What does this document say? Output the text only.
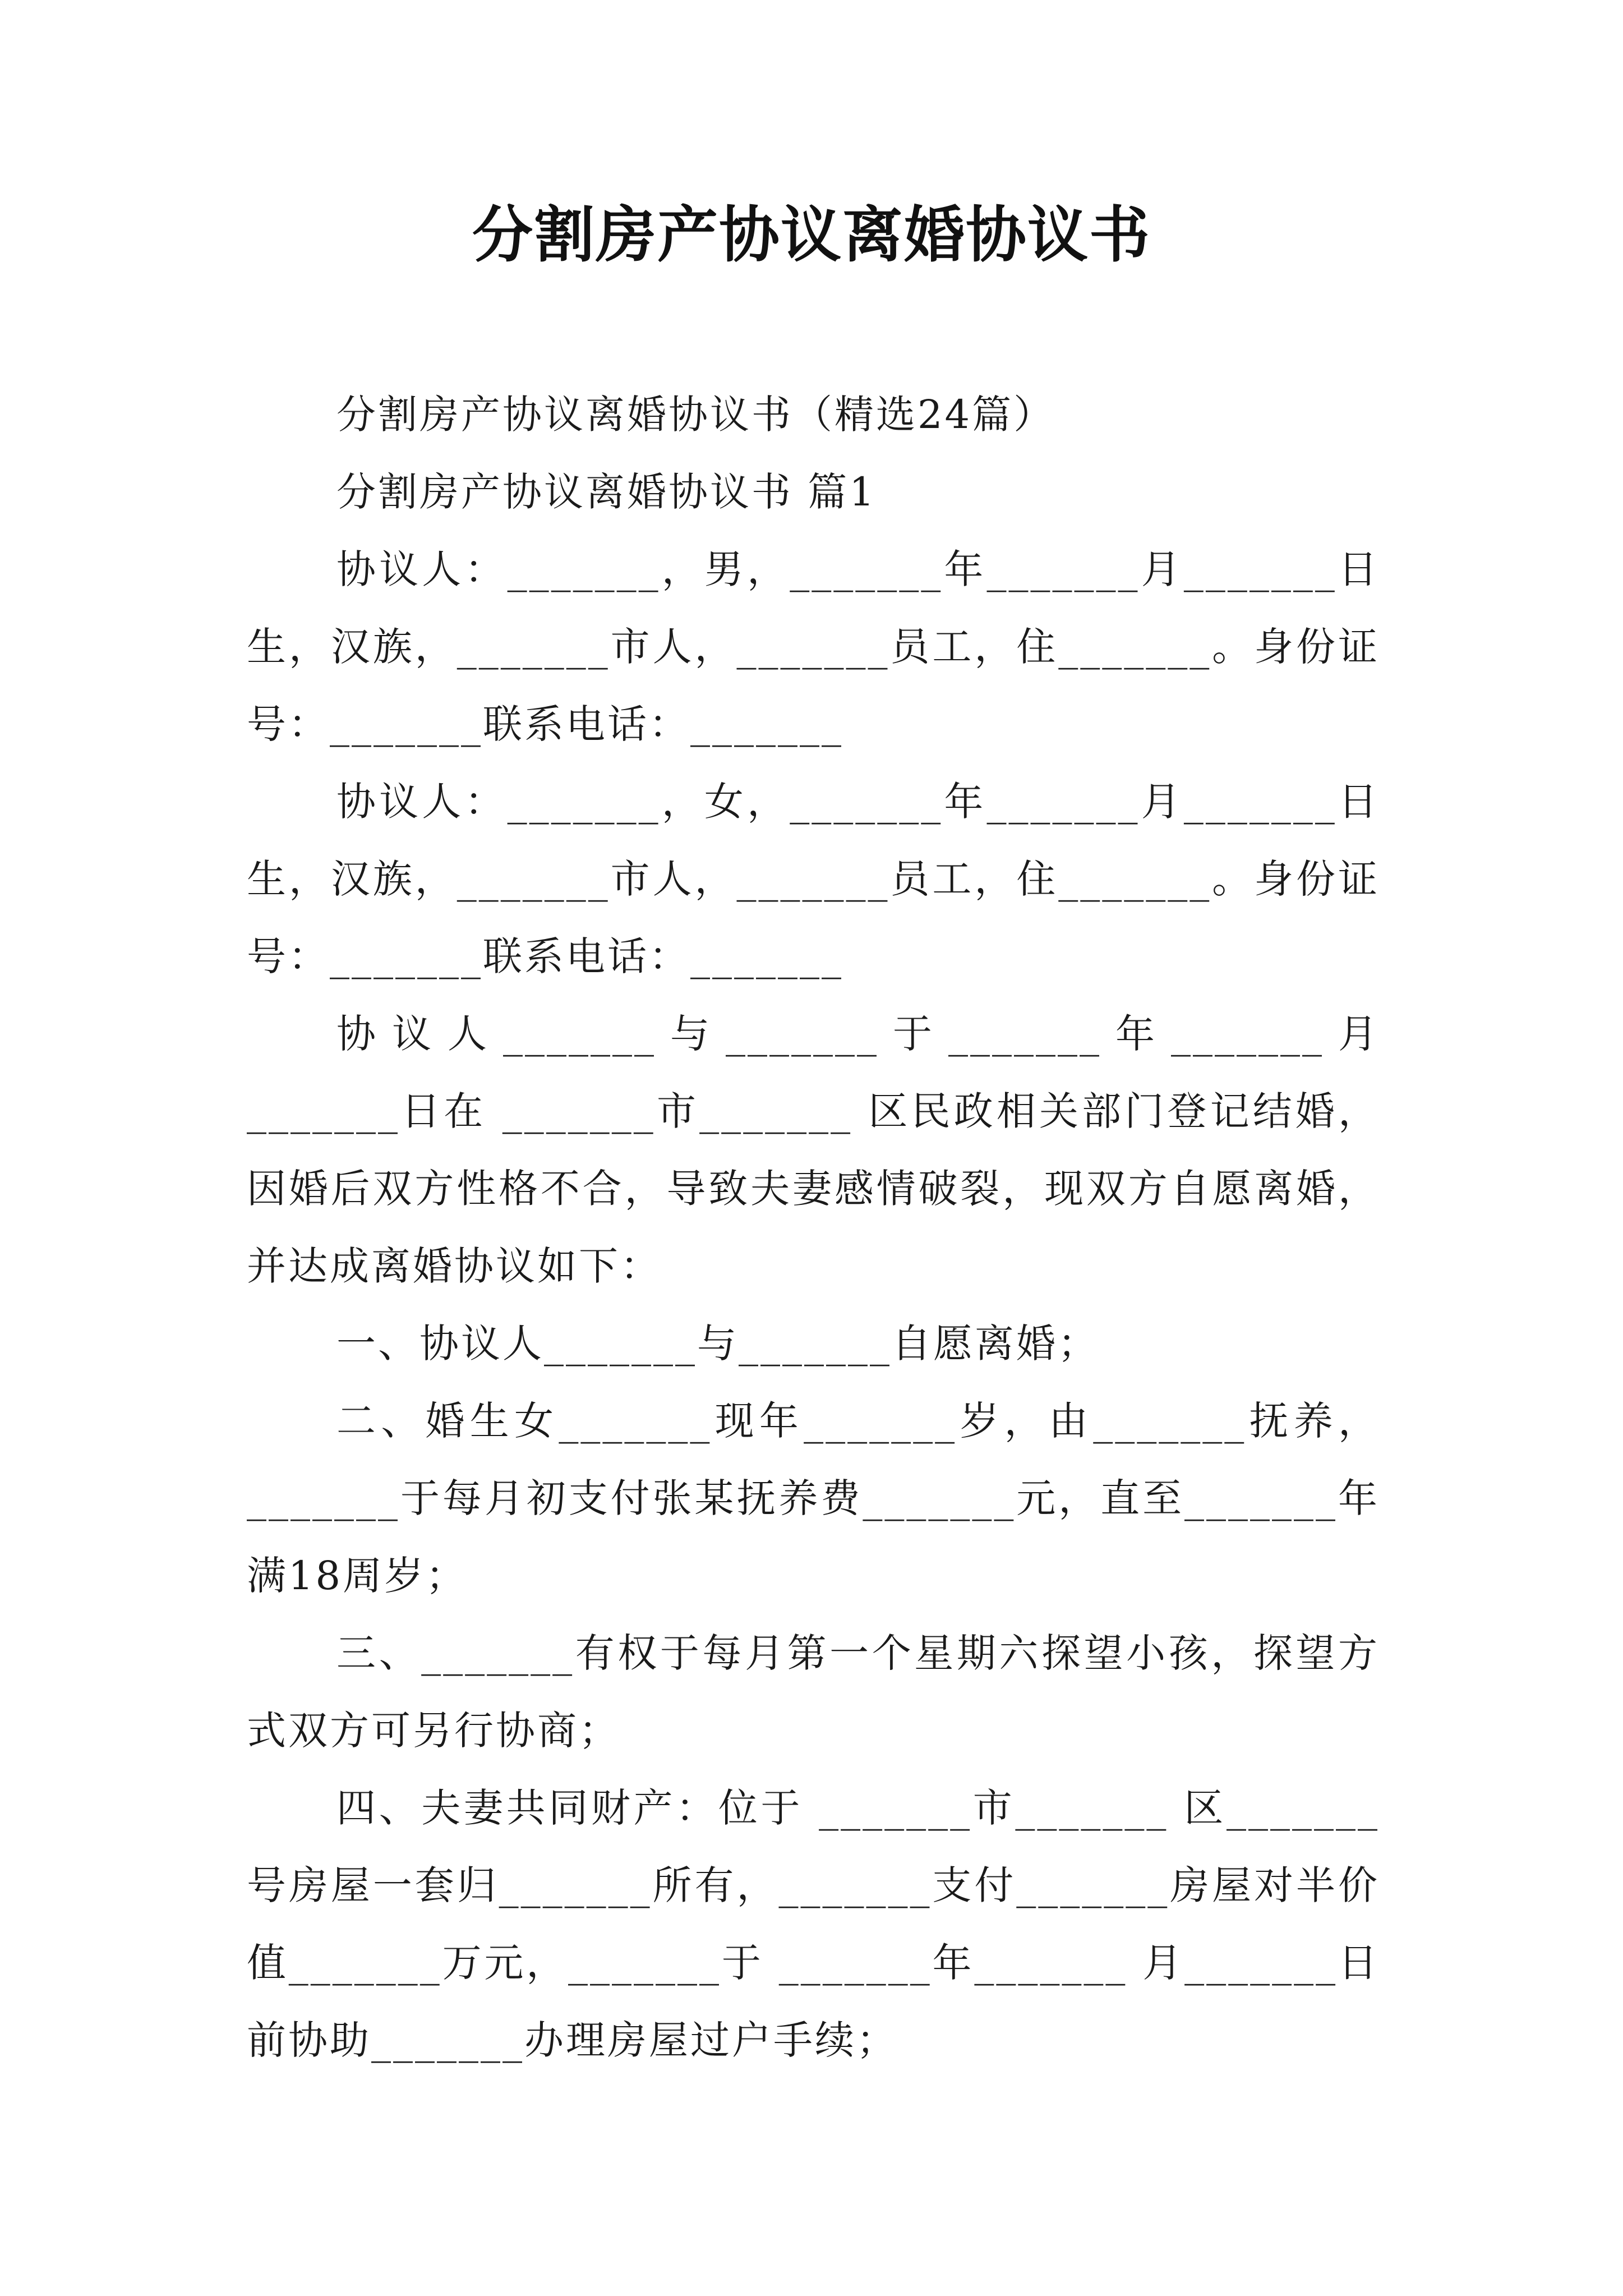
分割房产协议离婚协议书

分割房产协议离婚协议书（精选24篇）

分割房产协议离婚协议书 篇1

协议人：_______，男，_______年_______月_______日生，汉族，_______市人，_______员工，住_______。身份证号：_______联系电话：_______

协议人：_______，女，_______年_______月_______日生，汉族，_______市人，_______员工，住_______。身份证号：_______联系电话：_______

协议人_______与_______于_______年_______月_______日在 _______市_______ 区民政相关部门登记结婚，因婚后双方性格不合，导致夫妻感情破裂，现双方自愿离婚，并达成离婚协议如下：

一、协议人_______与_______自愿离婚；

二、婚生女_______现年_______岁，由_______抚养，_______于每月初支付张某抚养费_______元，直至_______年满18周岁；

三、_______有权于每月第一个星期六探望小孩，探望方式双方可另行协商；

四、夫妻共同财产：位于 _______市_______ 区_______号房屋一套归_______所有，_______支付_______房屋对半价值_______万元，_______于 _______年_______ 月_______日前协助_______办理房屋过户手续；
